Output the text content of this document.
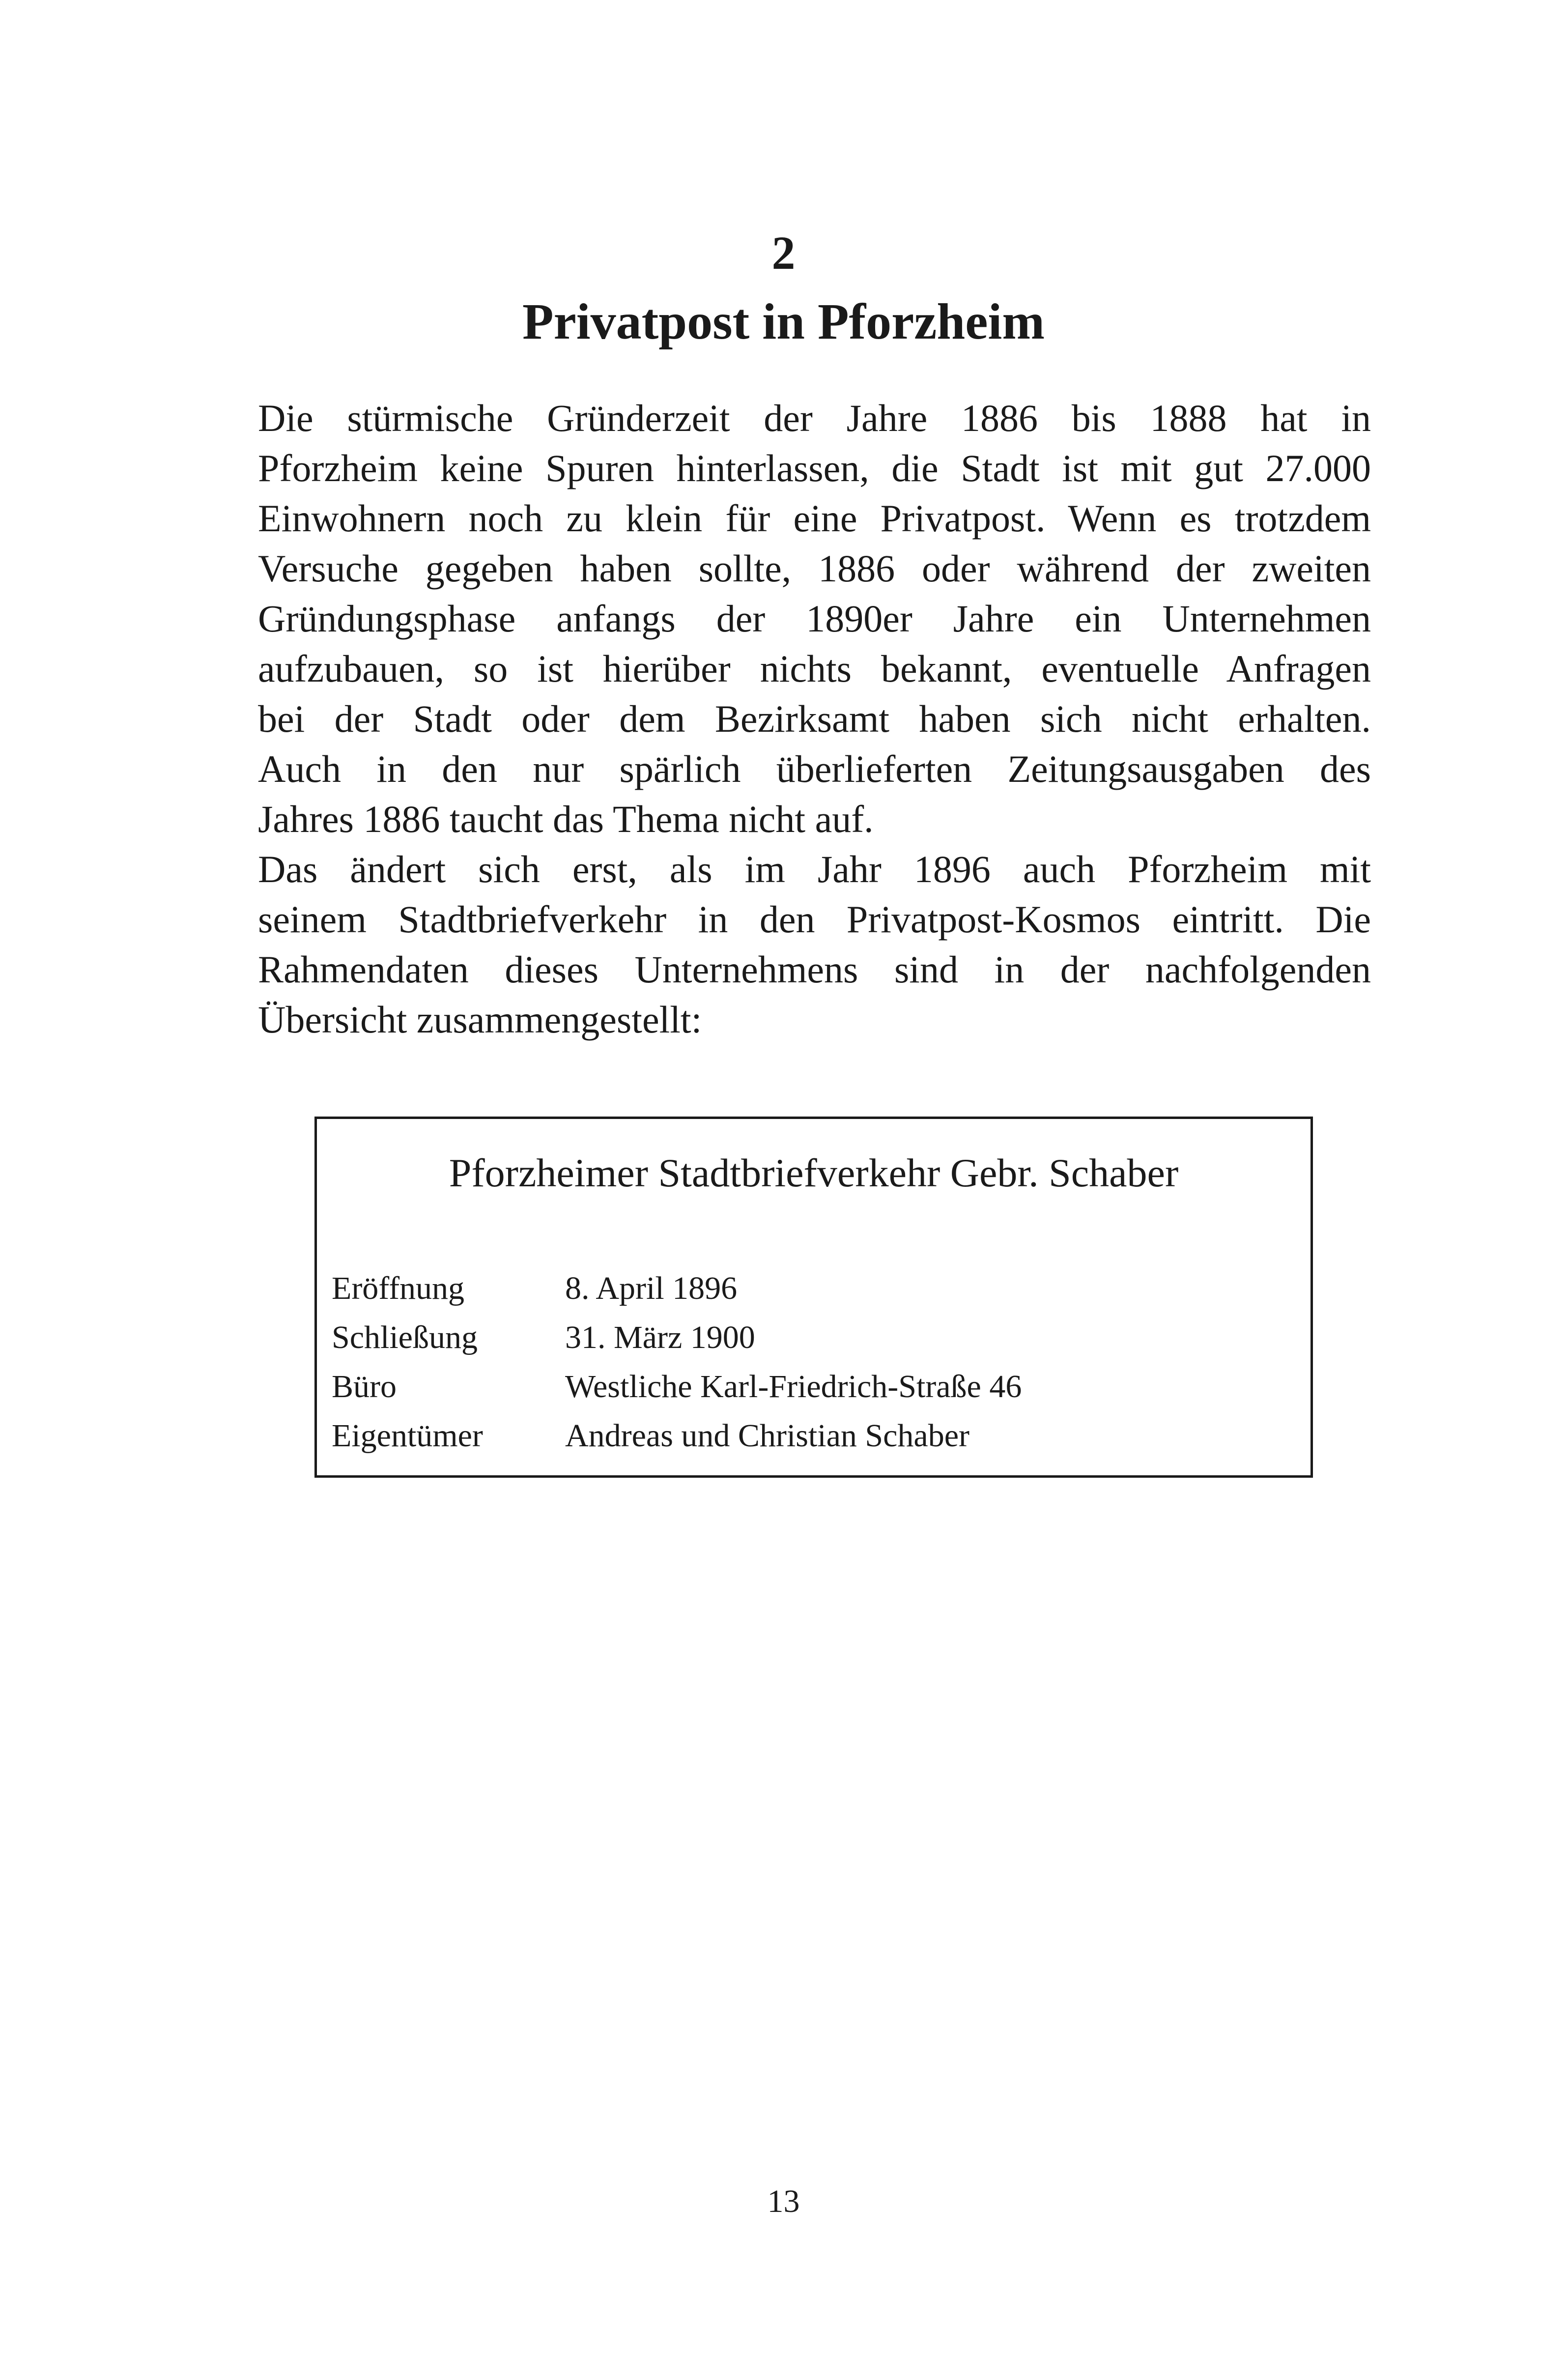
2
Privatpost in Pforzheim
Die stürmische Gründerzeit der Jahre 1886 bis 1888 hat in
Pforzheim keine Spuren hinterlassen, die Stadt ist mit gut 27.000
Einwohnern noch zu klein für eine Privatpost. Wenn es trotzdem
Versuche gegeben haben sollte, 1886 oder während der zweiten
Gründungsphase anfangs der 1890er Jahre ein Unternehmen
aufzubauen, so ist hierüber nichts bekannt, eventuelle Anfragen
bei der Stadt oder dem Bezirksamt haben sich nicht erhalten.
Auch in den nur spärlich überlieferten Zeitungsausgaben des
Jahres 1886 taucht das Thema nicht auf.
Das ändert sich erst, als im Jahr 1896 auch Pforzheim mit
seinem Stadtbriefverkehr in den Privatpost-Kosmos eintritt. Die
Rahmendaten dieses Unternehmens sind in der nachfolgenden
Übersicht zusammengestellt:
Pforzheimer Stadtbriefverkehr Gebr. Schaber
Eröffnung	8. April 1896
Schließung	31. März 1900
Büro	Westliche Karl-Friedrich-Straße 46
Eigentümer	Andreas und Christian Schaber
13
